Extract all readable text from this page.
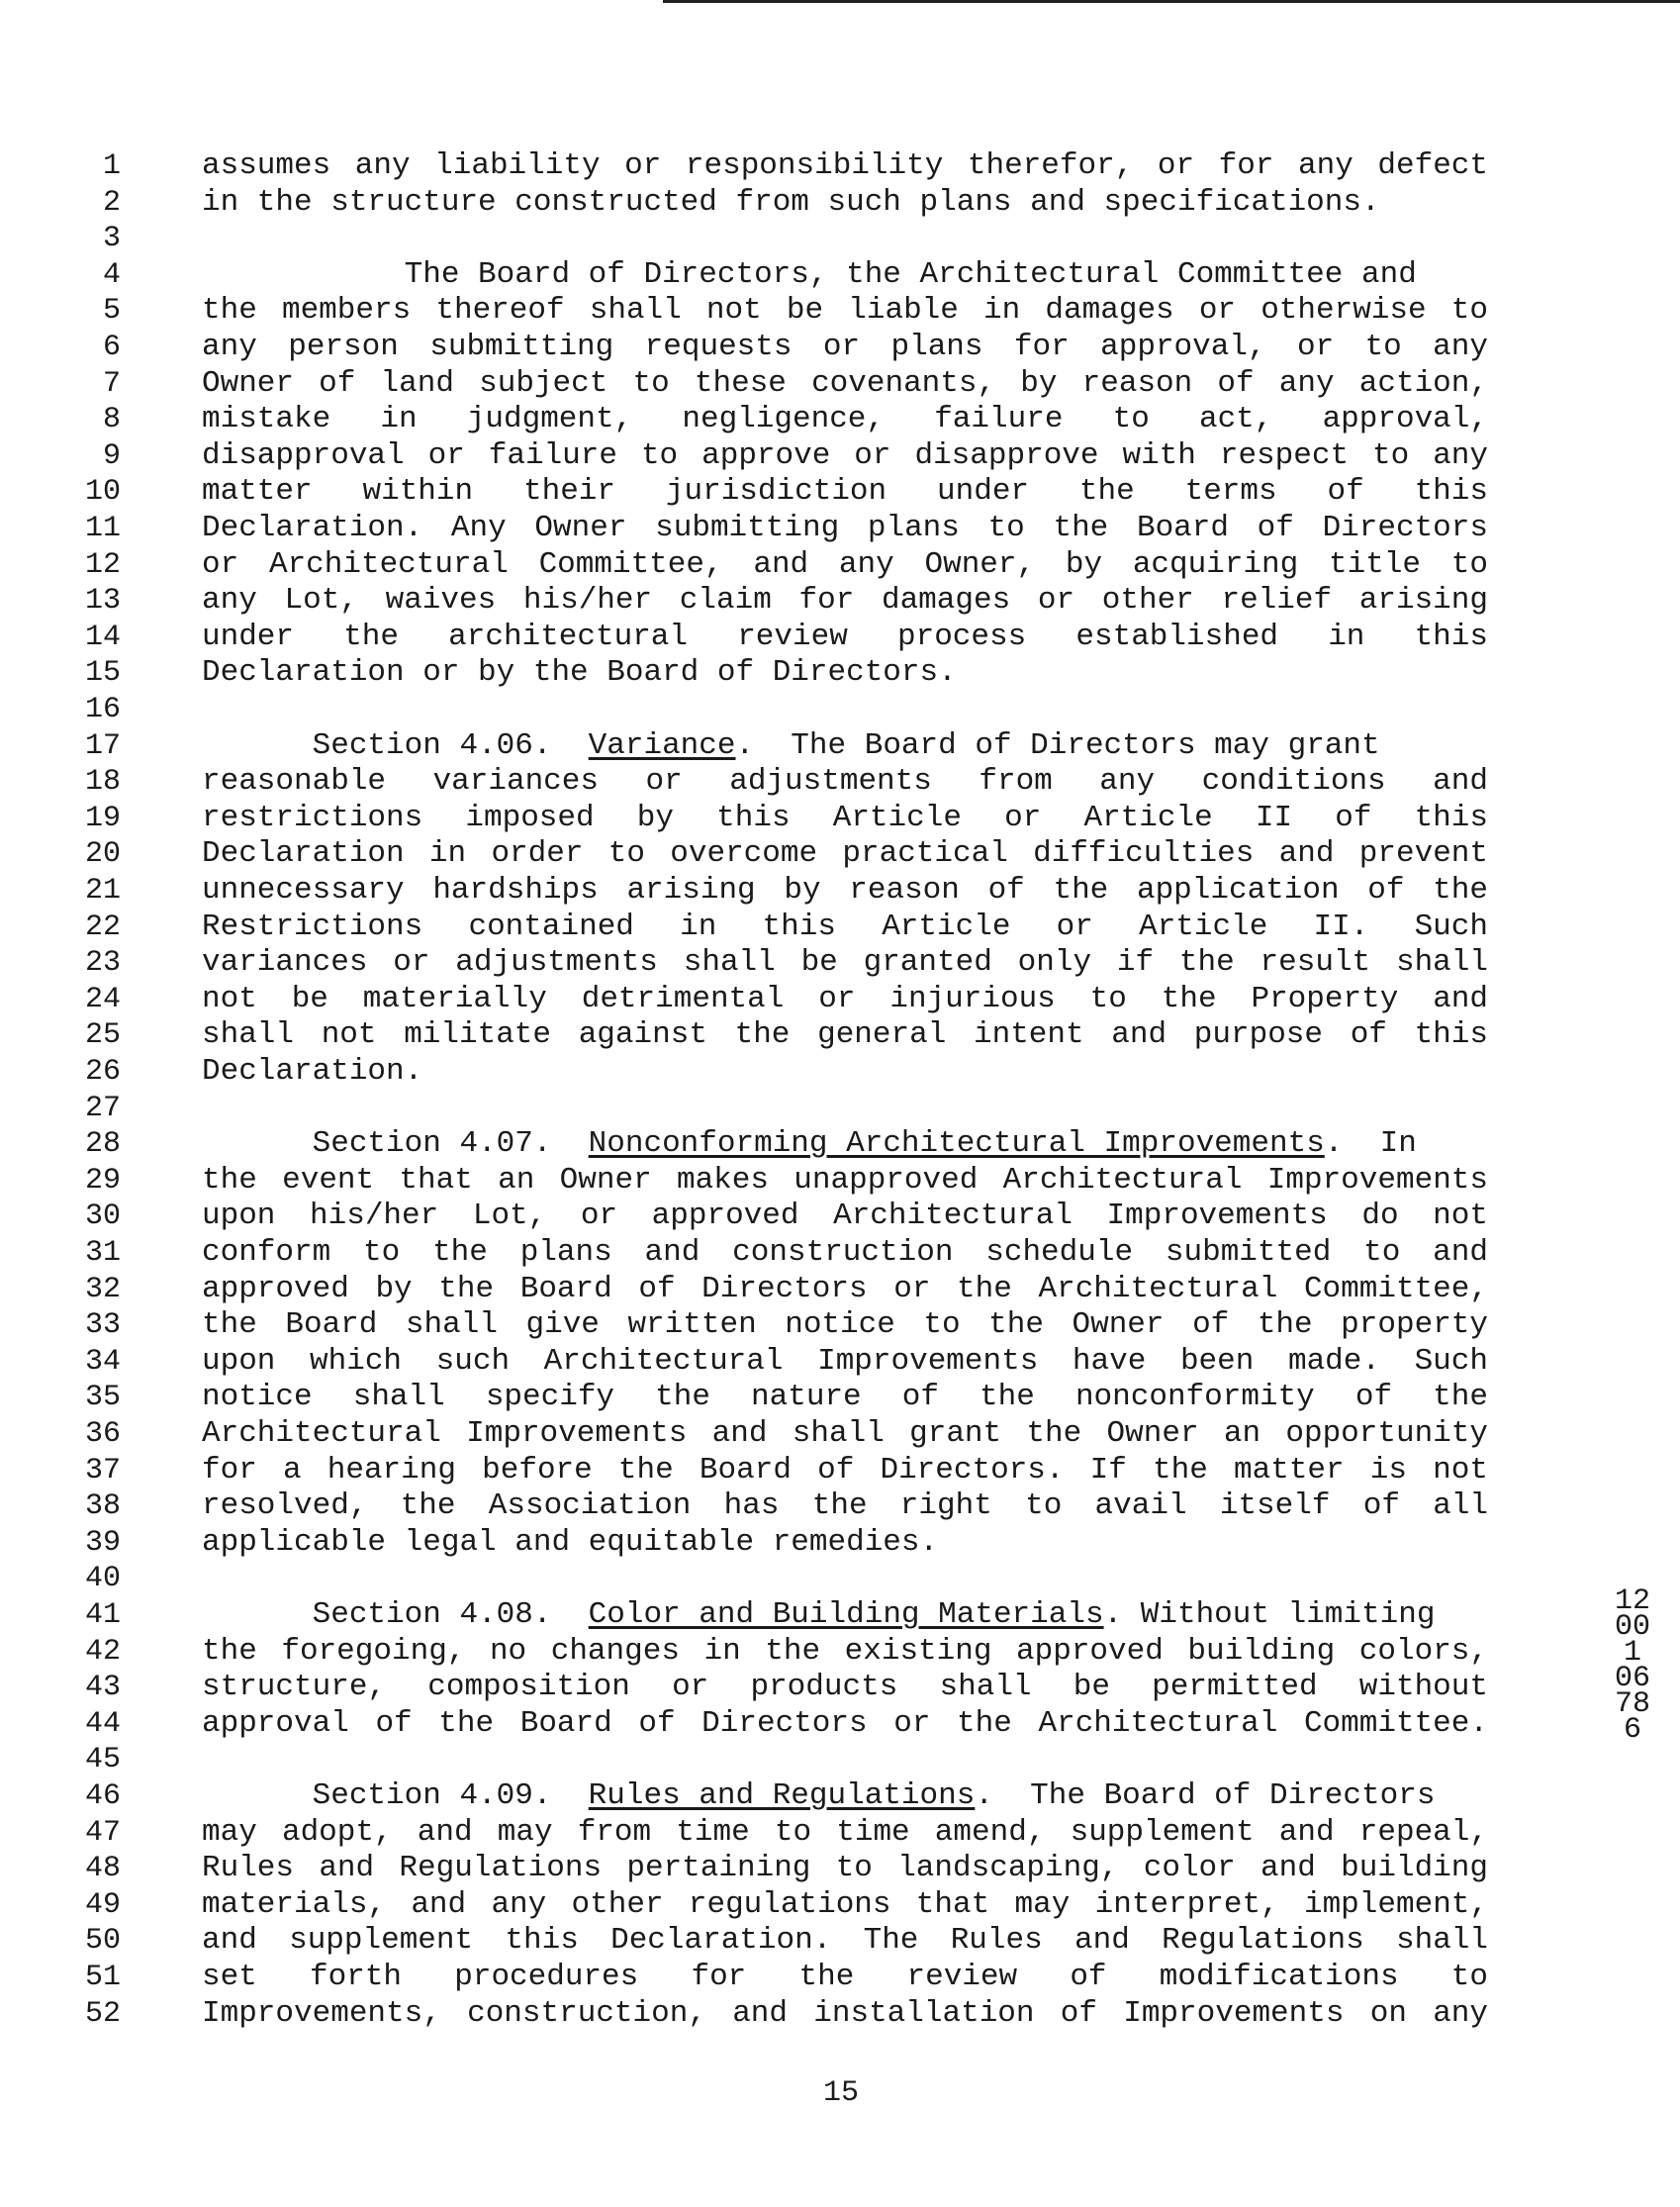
1	assumes any liability or responsibility therefor, or for any defect
2	in the structure constructed from such plans and specifications.
3
4	The Board of Directors, the Architectural Committee and
5	the members thereof shall not be liable in damages or otherwise to
6	any person submitting requests or plans for approval, or to any
7	Owner of land subject to these covenants, by reason of any action,
8	mistake in judgment, negligence, failure to act, approval,
9	disapproval or failure to approve or disapprove with respect to any
10	matter within their jurisdiction under the terms of this
11	Declaration. Any Owner submitting plans to the Board of Directors
12	or Architectural Committee, and any Owner, by acquiring title to
13	any Lot, waives his/her claim for damages or other relief arising
14	under the architectural review process established in this
15	Declaration or by the Board of Directors.
16
17	Section 4.06.  Variance.  The Board of Directors may grant
18	reasonable variances or adjustments from any conditions and
19	restrictions imposed by this Article or Article II of this
20	Declaration in order to overcome practical difficulties and prevent
21	unnecessary hardships arising by reason of the application of the
22	Restrictions contained in this Article or Article II. Such
23	variances or adjustments shall be granted only if the result shall
24	not be materially detrimental or injurious to the Property and
25	shall not militate against the general intent and purpose of this
26	Declaration.
27
28	Section 4.07.  Nonconforming Architectural Improvements.  In
29	the event that an Owner makes unapproved Architectural Improvements
30	upon his/her Lot, or approved Architectural Improvements do not
31	conform to the plans and construction schedule submitted to and
32	approved by the Board of Directors or the Architectural Committee,
33	the Board shall give written notice to the Owner of the property
34	upon which such Architectural Improvements have been made. Such
35	notice shall specify the nature of the nonconformity of the
36	Architectural Improvements and shall grant the Owner an opportunity
37	for a hearing before the Board of Directors. If the matter is not
38	resolved, the Association has the right to avail itself of all
39	applicable legal and equitable remedies.
40
41	Section 4.08.  Color and Building Materials. Without limiting
42	the foregoing, no changes in the existing approved building colors,
43	structure, composition or products shall be permitted without
44	approval of the Board of Directors or the Architectural Committee.
45
46	Section 4.09.  Rules and Regulations.  The Board of Directors
47	may adopt, and may from time to time amend, supplement and repeal,
48	Rules and Regulations pertaining to landscaping, color and building
49	materials, and any other regulations that may interpret, implement,
50	and supplement this Declaration. The Rules and Regulations shall
51	set forth procedures for the review of modifications to
52	Improvements, construction, and installation of Improvements on any
15
12001 06786
